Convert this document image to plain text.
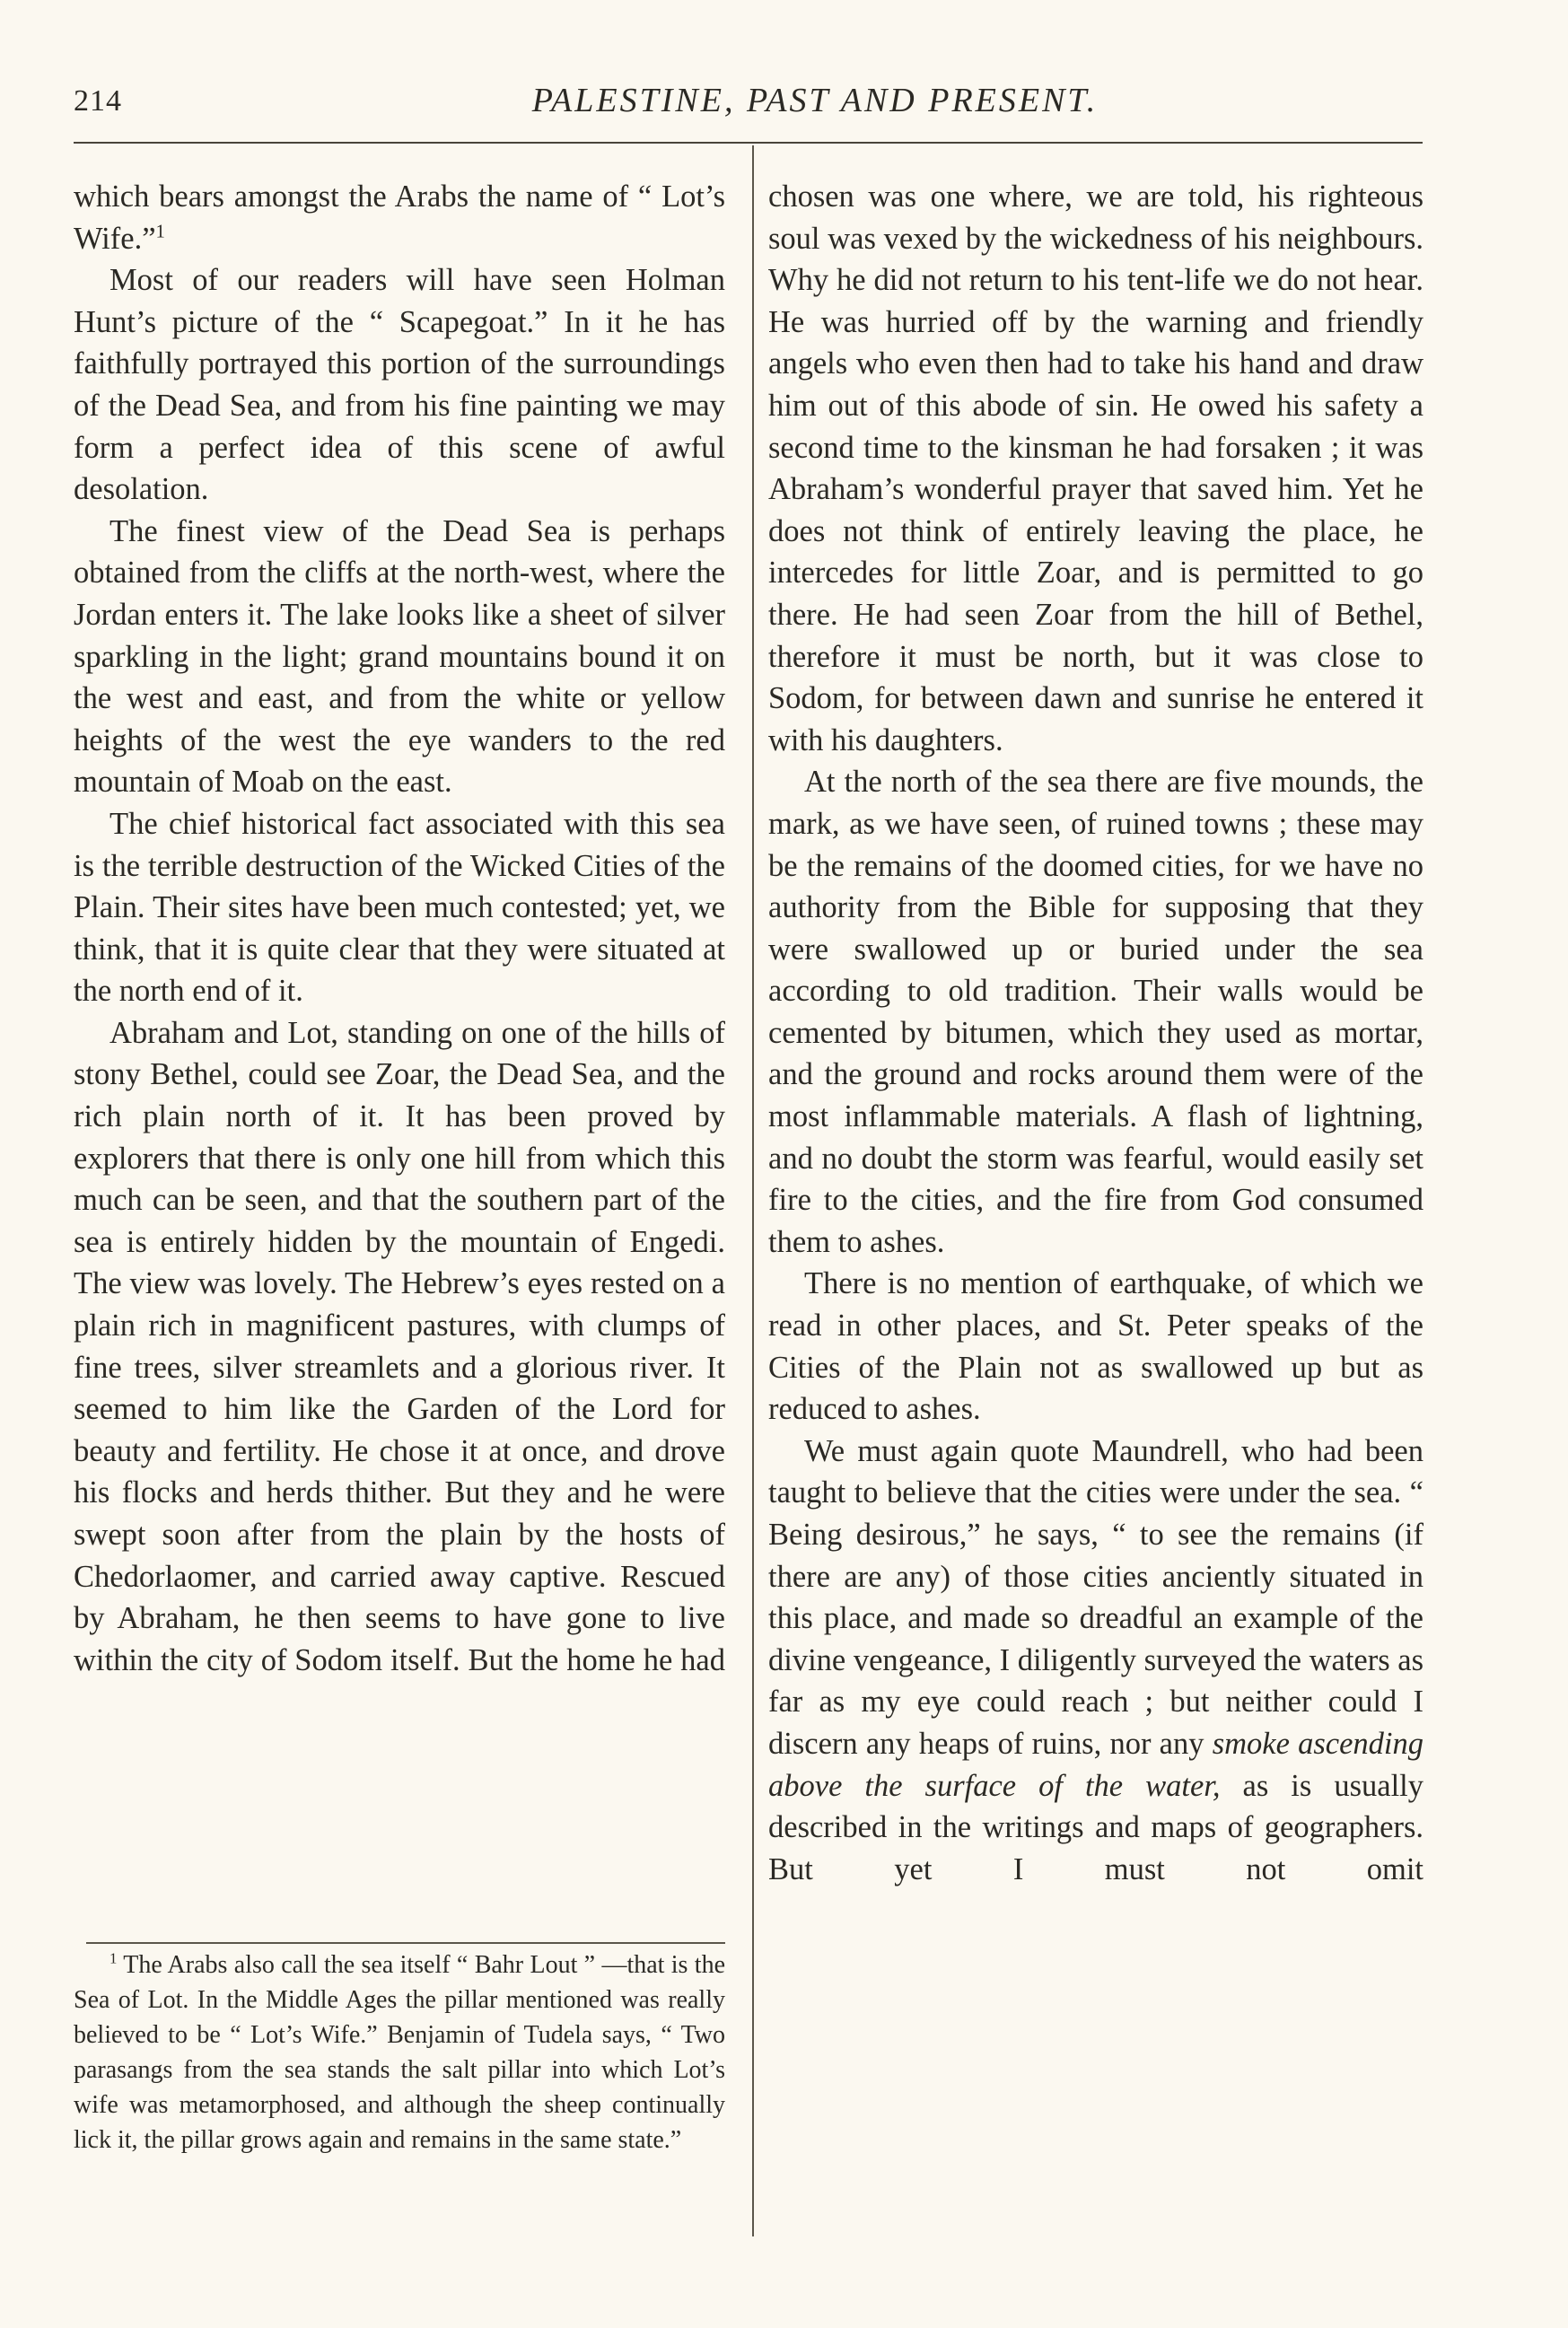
214	PALESTINE, PAST AND PRESENT.

which bears amongst the Arabs the name of “ Lot’s Wife.”$^1$

Most of our readers will have seen Holman Hunt’s picture of the “ Scapegoat.” In it he has faithfully portrayed this portion of the surroundings of the Dead Sea, and from his fine painting we may form a perfect idea of this scene of awful desolation.

The finest view of the Dead Sea is perhaps obtained from the cliffs at the north-west, where the Jordan enters it. The lake looks like a sheet of silver sparkling in the light; grand mountains bound it on the west and east, and from the white or yellow heights of the west the eye wanders to the red mountain of Moab on the east.

The chief historical fact associated with this sea is the terrible destruction of the Wicked Cities of the Plain. Their sites have been much contested; yet, we think, that it is quite clear that they were situated at the north end of it.

Abraham and Lot, standing on one of the hills of stony Bethel, could see Zoar, the Dead Sea, and the rich plain north of it. It has been proved by explorers that there is only one hill from which this much can be seen, and that the southern part of the sea is entirely hidden by the mountain of Engedi. The view was lovely. The Hebrew’s eyes rested on a plain rich in magnificent pastures, with clumps of fine trees, silver streamlets and a glorious river. It seemed to him like the Garden of the Lord for beauty and fertility. He chose it at once, and drove his flocks and herds thither. But they and he were swept soon after from the plain by the hosts of Chedorlaomer, and carried away captive. Rescued by Abraham, he then seems to have gone to live within the city of Sodom itself. But the home he had

$^1$ The Arabs also call the sea itself “ Bahr Lout ” —that is the Sea of Lot. In the Middle Ages the pillar mentioned was really believed to be “ Lot’s Wife.” Benjamin of Tudela says, “ Two parasangs from the sea stands the salt pillar into which Lot’s wife was metamorphosed, and although the sheep continually lick it, the pillar grows again and remains in the same state.”

chosen was one where, we are told, his righteous soul was vexed by the wickedness of his neighbours. Why he did not return to his tent-life we do not hear. He was hurried off by the warning and friendly angels who even then had to take his hand and draw him out of this abode of sin. He owed his safety a second time to the kinsman he had forsaken ; it was Abraham’s wonderful prayer that saved him. Yet he does not think of entirely leaving the place, he intercedes for little Zoar, and is permitted to go there. He had seen Zoar from the hill of Bethel, therefore it must be north, but it was close to Sodom, for between dawn and sunrise he entered it with his daughters.

At the north of the sea there are five mounds, the mark, as we have seen, of ruined towns ; these may be the remains of the doomed cities, for we have no authority from the Bible for supposing that they were swallowed up or buried under the sea according to old tradition. Their walls would be cemented by bitumen, which they used as mortar, and the ground and rocks around them were of the most inflammable materials. A flash of lightning, and no doubt the storm was fearful, would easily set fire to the cities, and the fire from God consumed them to ashes.

There is no mention of earthquake, of which we read in other places, and St. Peter speaks of the Cities of the Plain not as swallowed up but as reduced to ashes.

We must again quote Maundrell, who had been taught to believe that the cities were under the sea. “ Being desirous,” he says, “ to see the remains (if there are any) of those cities anciently situated in this place, and made so dreadful an example of the divine vengeance, I diligently surveyed the waters as far as my eye could reach ; but neither could I discern any heaps of ruins, nor any smoke ascending above the surface of the water, as is usually described in the writings and maps of geographers. But yet I must not omit
